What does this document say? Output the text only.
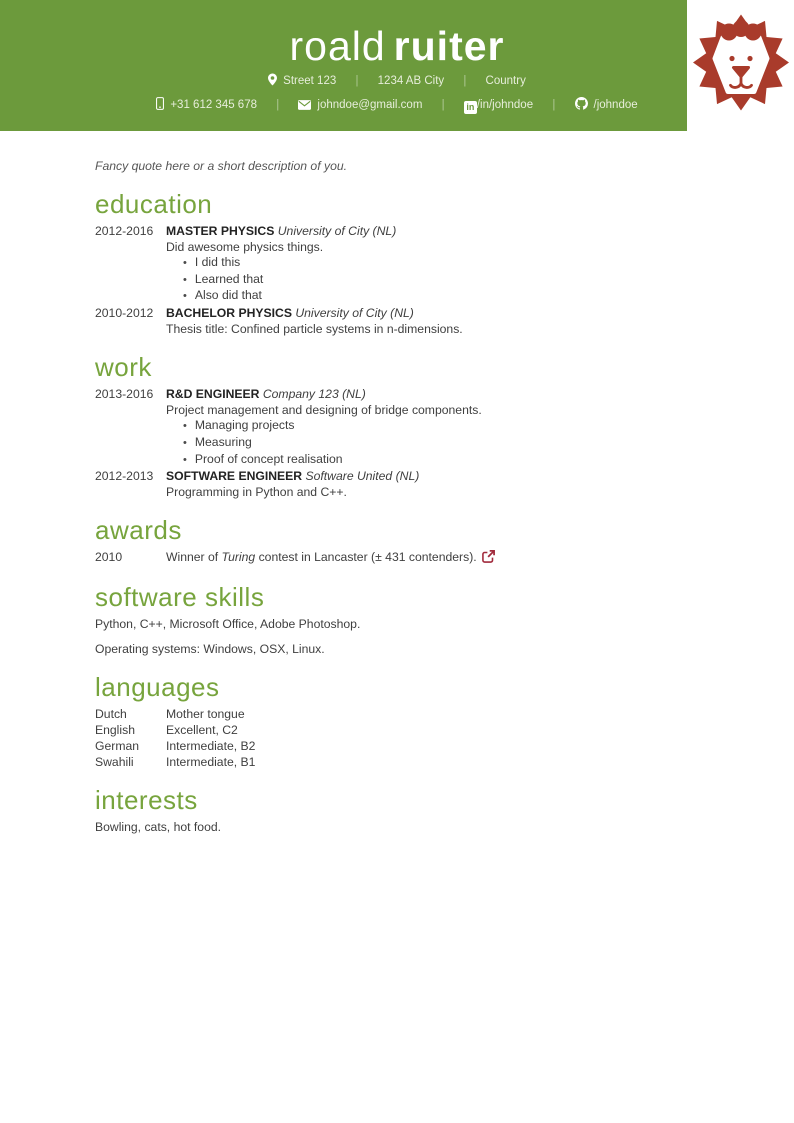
roald ruiter
Street 123 | 1234 AB City | Country
+31 612 345 678 |	johndoe@gmail.com | in /in/johndoe |	/johndoe

Fancy quote here or a short description of you.

education
2012-2016	MASTER PHYSICS University of City (NL)
Did awesome physics things.
• I did this
• Learned that
• Also did that
2010-2012	BACHELOR PHYSICS University of City (NL)
Thesis title: Confined particle systems in n-dimensions.
work
2013-2016	R&D ENGINEER Company 123 (NL)
Project management and designing of bridge components.
• Managing projects
• Measuring
• Proof of concept realisation
2012-2013	SOFTWARE ENGINEER Software United (NL)
Programming in Python and C++.
awards
2010	Winner of Turing contest in Lancaster (± 431 contenders).
software skills

Python, C++, Microsoft Office, Adobe Photoshop.

Operating systems: Windows, OSX, Linux.

languages
Dutch	Mother tongue
English	Excellent, C2
German	Intermediate, B2
Swahili	Intermediate, B1
interests

Bowling, cats, hot food.
